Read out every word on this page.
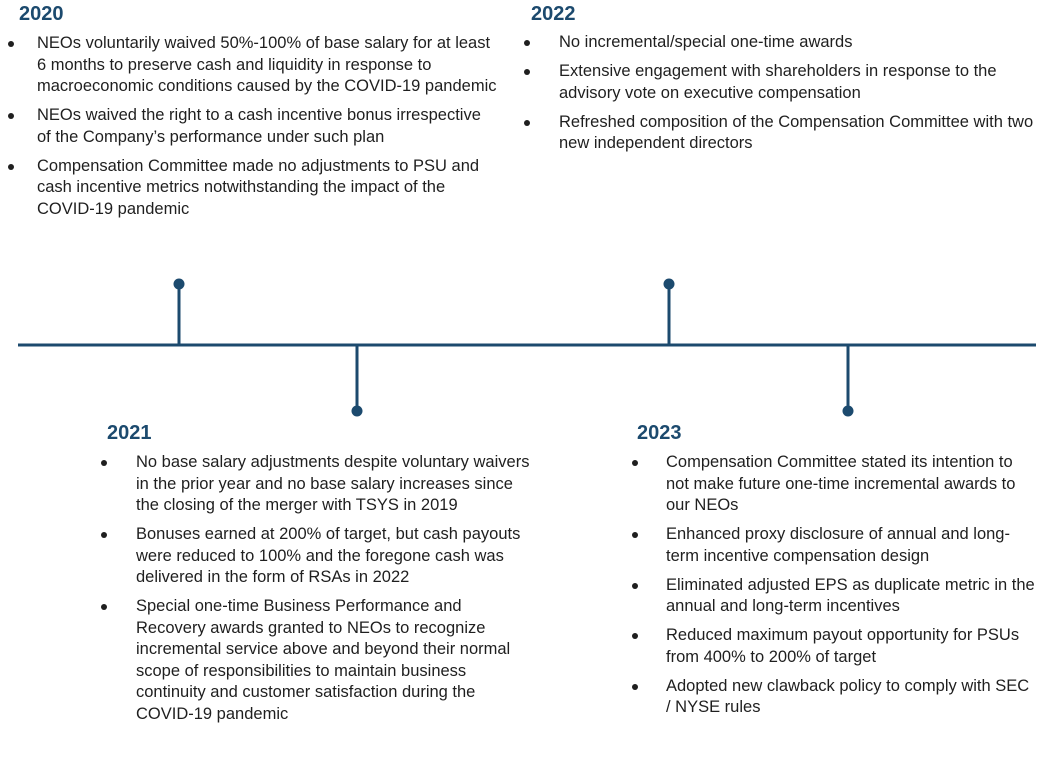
2020
NEOs voluntarily waived 50%-100% of base salary for at least 6 months to preserve cash and liquidity in response to macroeconomic conditions caused by the COVID-19 pandemic
NEOs waived the right to a cash incentive bonus irrespective of the Company’s performance under such plan
Compensation Committee made no adjustments to PSU and cash incentive metrics notwithstanding the impact of the COVID-19 pandemic
2022
No incremental/special one-time awards
Extensive engagement with shareholders in response to the advisory vote on executive compensation
Refreshed composition of the Compensation Committee with two new independent directors
2021
No base salary adjustments despite voluntary waivers in the prior year and no base salary increases since the closing of the merger with TSYS in 2019
Bonuses earned at 200% of target, but cash payouts were reduced to 100% and the foregone cash was delivered in the form of RSAs in 2022
Special one-time Business Performance and Recovery awards granted to NEOs to recognize incremental service above and beyond their normal scope of responsibilities to maintain business continuity and customer satisfaction during the COVID-19 pandemic
2023
Compensation Committee stated its intention to not make future one-time incremental awards to our NEOs
Enhanced proxy disclosure of annual and long-term incentive compensation design
Eliminated adjusted EPS as duplicate metric in the annual and long-term incentives
Reduced maximum payout opportunity for PSUs from 400% to 200% of target
Adopted new clawback policy to comply with SEC / NYSE rules
